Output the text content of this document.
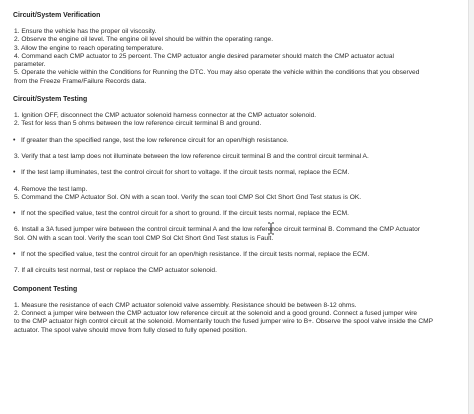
Circuit/System Verification
1. Ensure the vehicle has the proper oil viscosity.
2. Observe the engine oil level. The engine oil level should be within the operating range.
3. Allow the engine to reach operating temperature.
4. Command each CMP actuator to 25 percent. The CMP actuator angle desired parameter should match the CMP actuator actual
parameter.
5. Operate the vehicle within the Conditions for Running the DTC. You may also operate the vehicle within the conditions that you observed
from the Freeze Frame/Failure Records data.
Circuit/System Testing
1. Ignition OFF, disconnect the CMP actuator solenoid harness connector at the CMP actuator solenoid.
2. Test for less than 5 ohms between the low reference circuit terminal B and ground.
• If greater than the specified range, test the low reference circuit for an open/high resistance.
3. Verify that a test lamp does not illuminate between the low reference circuit terminal B and the control circuit terminal A.
• If the test lamp illuminates, test the control circuit for short to voltage. If the circuit tests normal, replace the ECM.
4. Remove the test lamp.
5. Command the CMP Actuator Sol. ON with a scan tool. Verify the scan tool CMP Sol Ckt Short Gnd Test status is OK.
• If not the specified value, test the control circuit for a short to ground. If the circuit tests normal, replace the ECM.
6. Install a 3A fused jumper wire between the control circuit terminal A and the low reference circuit terminal B. Command the CMP Actuator
Sol. ON with a scan tool. Verify the scan tool CMP Sol Ckt Short Gnd Test status is Fault.
• If not the specified value, test the control circuit for an open/high resistance. If the circuit tests normal, replace the ECM.
7. If all circuits test normal, test or replace the CMP actuator solenoid.
Component Testing
1. Measure the resistance of each CMP actuator solenoid valve assembly. Resistance should be between 8-12 ohms.
2. Connect a jumper wire between the CMP actuator low reference circuit at the solenoid and a good ground. Connect a fused jumper wire
to the CMP actuator high control circuit at the solenoid. Momentarily touch the fused jumper wire to B+. Observe the spool valve inside the CMP
actuator. The spool valve should move from fully closed to fully opened position.
